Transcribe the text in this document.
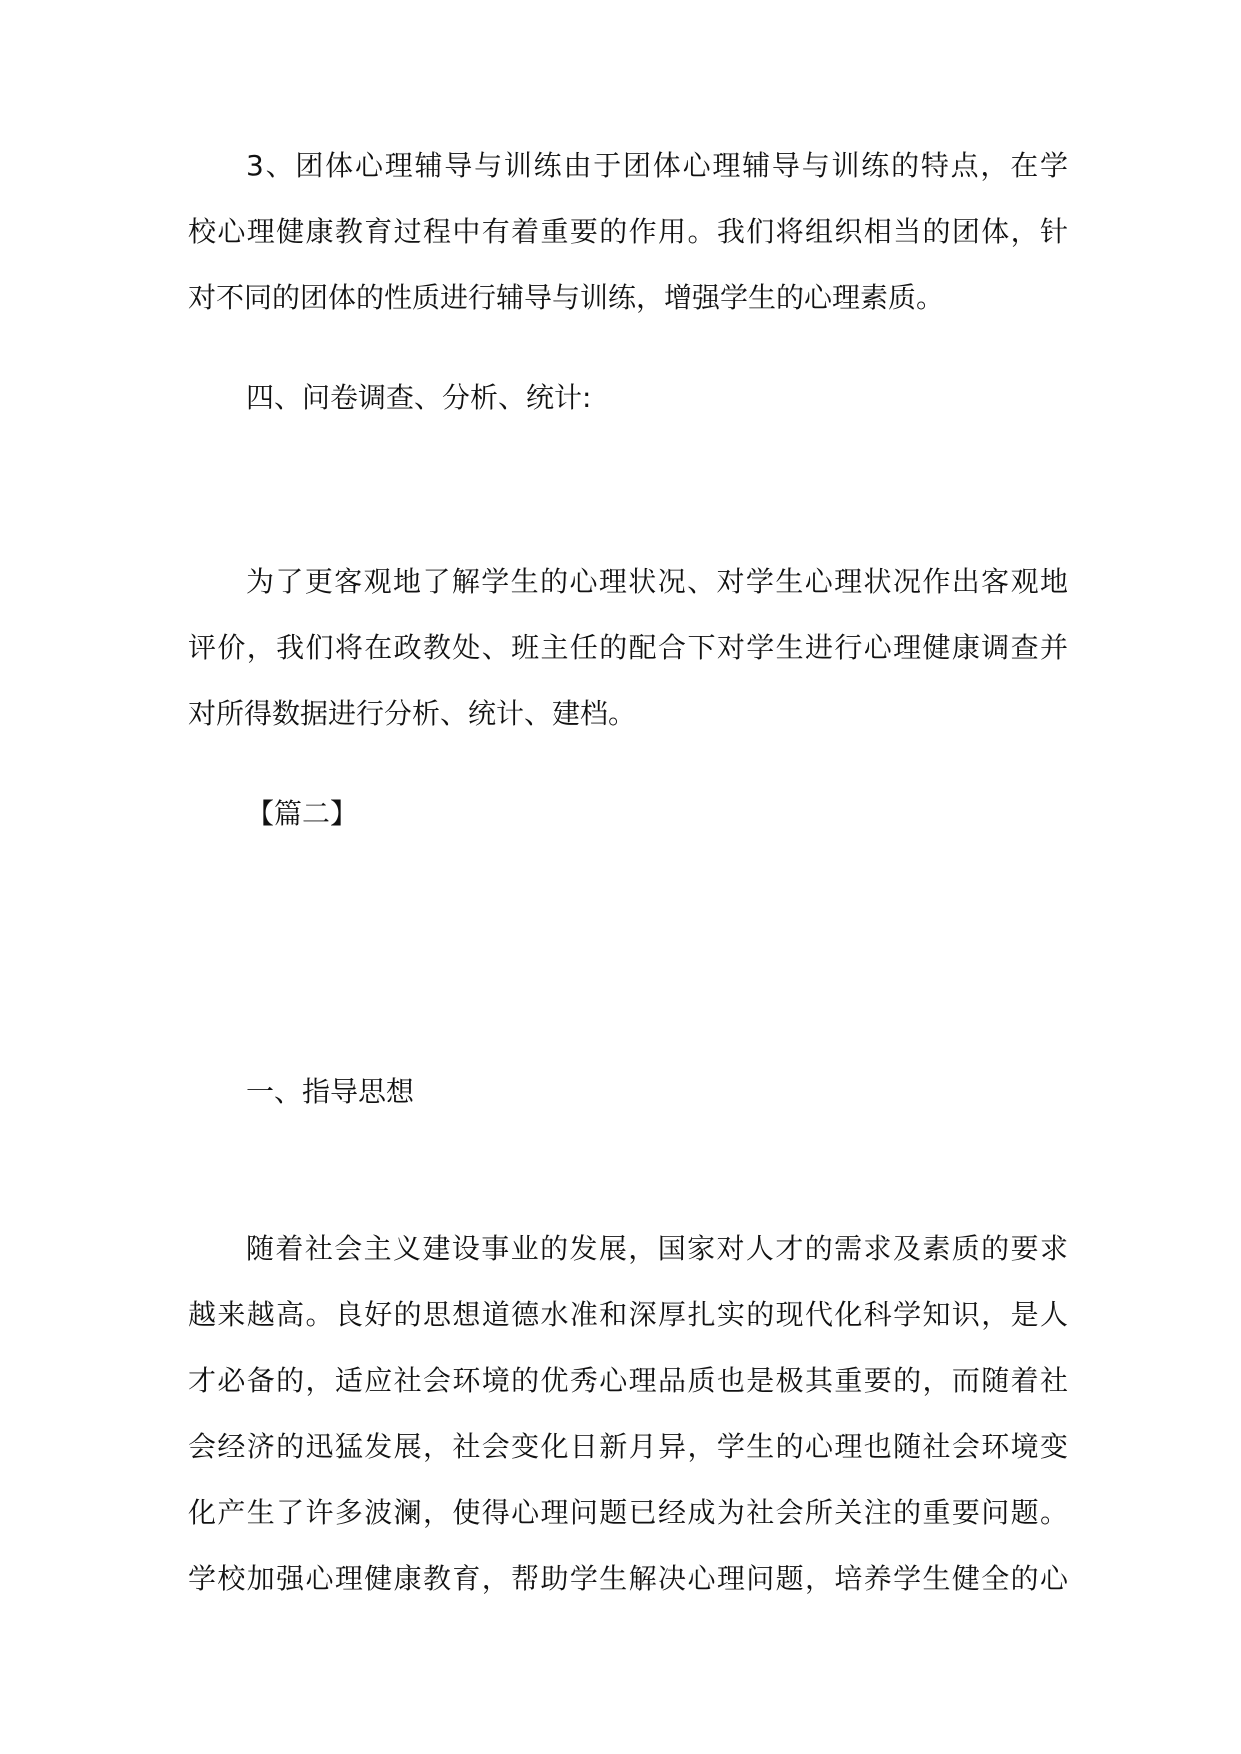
3、团体心理辅导与训练由于团体心理辅导与训练的特点，在学
校心理健康教育过程中有着重要的作用。我们将组织相当的团体，针
对不同的团体的性质进行辅导与训练，增强学生的心理素质。
四、问卷调查、分析、统计:
为了更客观地了解学生的心理状况、对学生心理状况作出客观地
评价，我们将在政教处、班主任的配合下对学生进行心理健康调查并
对所得数据进行分析、统计、建档。
【篇二】
一、指导思想
随着社会主义建设事业的发展，国家对人才的需求及素质的要求
越来越高。良好的思想道德水准和深厚扎实的现代化科学知识，是人
才必备的，适应社会环境的优秀心理品质也是极其重要的，而随着社
会经济的迅猛发展，社会变化日新月异，学生的心理也随社会环境变
化产生了许多波澜，使得心理问题已经成为社会所关注的重要问题。
学校加强心理健康教育，帮助学生解决心理问题，培养学生健全的心
